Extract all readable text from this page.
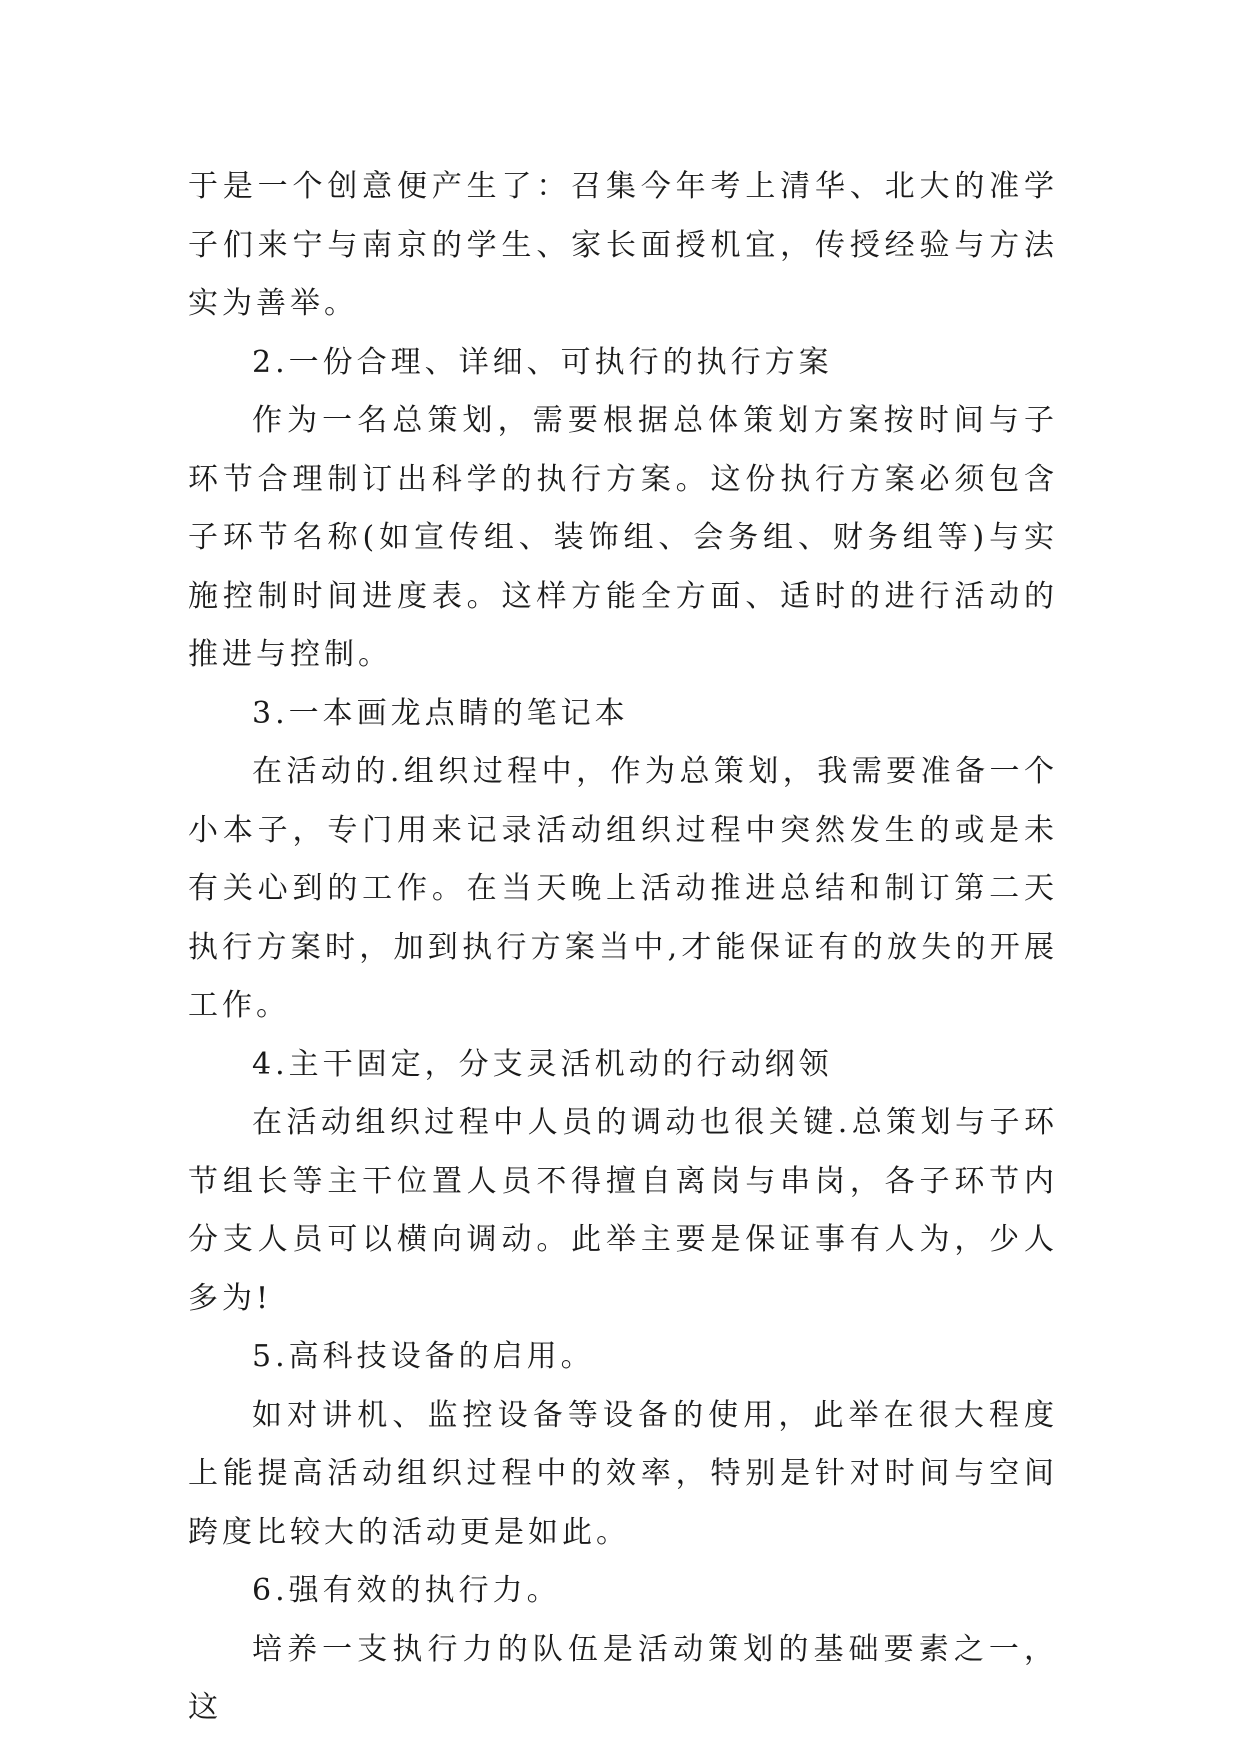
于是一个创意便产生了：召集今年考上清华、北大的准学子们来宁与南京的学生、家长面授机宜，传授经验与方法实为善举。

2.一份合理、详细、可执行的执行方案

作为一名总策划，需要根据总体策划方案按时间与子环节合理制订出科学的执行方案。这份执行方案必须包含子环节名称(如宣传组、装饰组、会务组、财务组等)与实施控制时间进度表。这样方能全方面、适时的进行活动的推进与控制。

3.一本画龙点睛的笔记本

在活动的.组织过程中，作为总策划，我需要准备一个小本子，专门用来记录活动组织过程中突然发生的或是未有关心到的工作。在当天晚上活动推进总结和制订第二天执行方案时，加到执行方案当中,才能保证有的放失的开展工作。

4.主干固定，分支灵活机动的行动纲领

在活动组织过程中人员的调动也很关键.总策划与子环节组长等主干位置人员不得擅自离岗与串岗，各子环节内分支人员可以横向调动。此举主要是保证事有人为，少人多为!

5.高科技设备的启用。

如对讲机、监控设备等设备的使用，此举在很大程度上能提高活动组织过程中的效率，特别是针对时间与空间跨度比较大的活动更是如此。

6.强有效的执行力。

培养一支执行力的队伍是活动策划的基础要素之一，这
